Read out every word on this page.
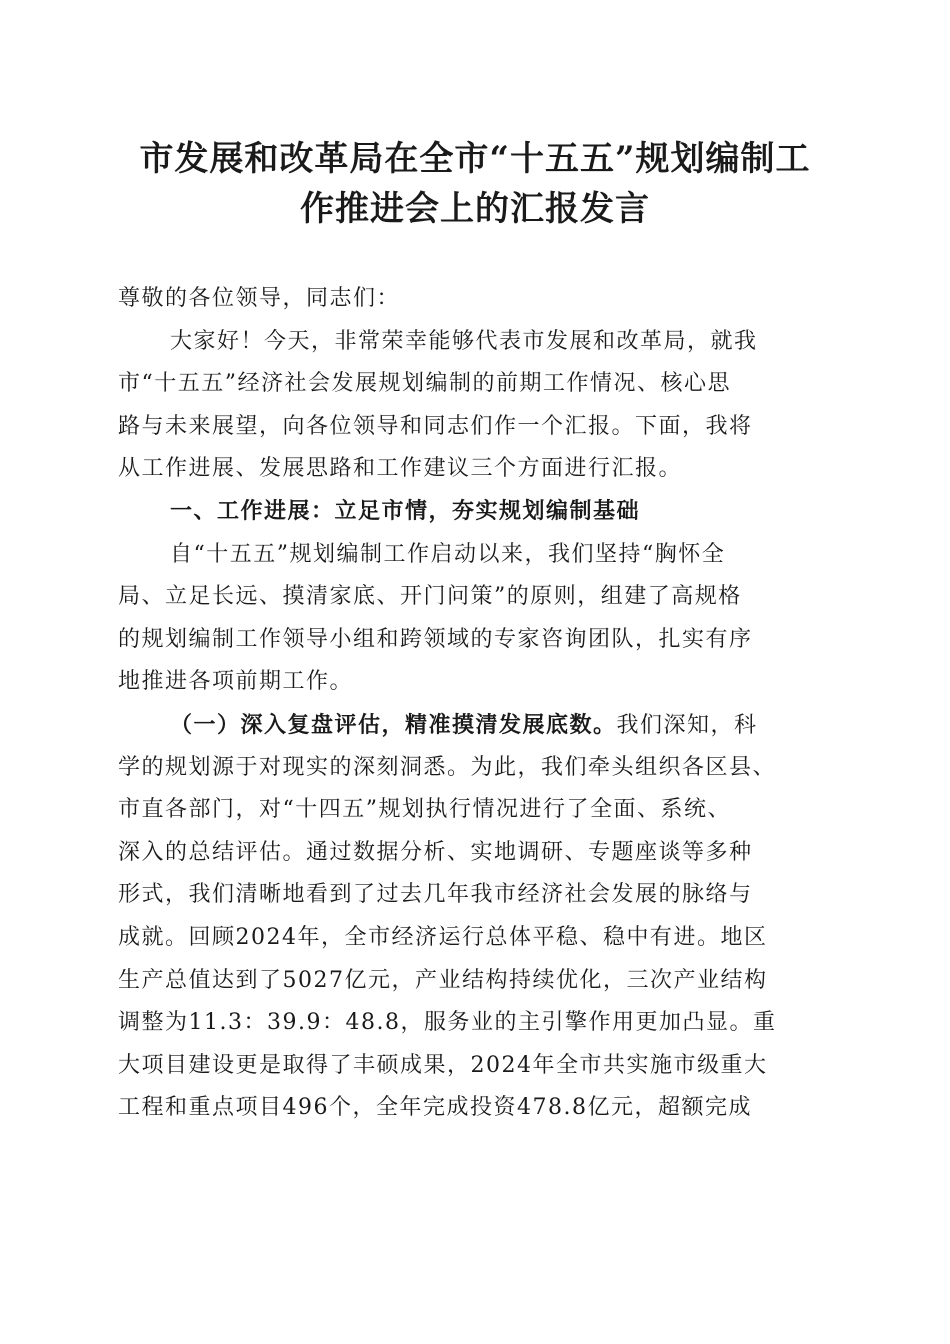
市发展和改革局在全市“十五五”规划编制工
作推进会上的汇报发言
尊敬的各位领导，同志们：
大家好！今天，非常荣幸能够代表市发展和改革局，就我
市“十五五”经济社会发展规划编制的前期工作情况、核心思
路与未来展望，向各位领导和同志们作一个汇报。下面，我将
从工作进展、发展思路和工作建议三个方面进行汇报。
一、工作进展：立足市情，夯实规划编制基础
自“十五五”规划编制工作启动以来，我们坚持“胸怀全
局、立足长远、摸清家底、开门问策”的原则，组建了高规格
的规划编制工作领导小组和跨领域的专家咨询团队，扎实有序
地推进各项前期工作。
（一）深入复盘评估，精准摸清发展底数。我们深知，科
学的规划源于对现实的深刻洞悉。为此，我们牵头组织各区县、
市直各部门，对“十四五”规划执行情况进行了全面、系统、
深入的总结评估。通过数据分析、实地调研、专题座谈等多种
形式，我们清晰地看到了过去几年我市经济社会发展的脉络与
成就。回顾2024年，全市经济运行总体平稳、稳中有进。地区
生产总值达到了5027亿元，产业结构持续优化，三次产业结构
调整为11.3：39.9：48.8，服务业的主引擎作用更加凸显。重
大项目建设更是取得了丰硕成果，2024年全市共实施市级重大
工程和重点项目496个，全年完成投资478.8亿元，超额完成
